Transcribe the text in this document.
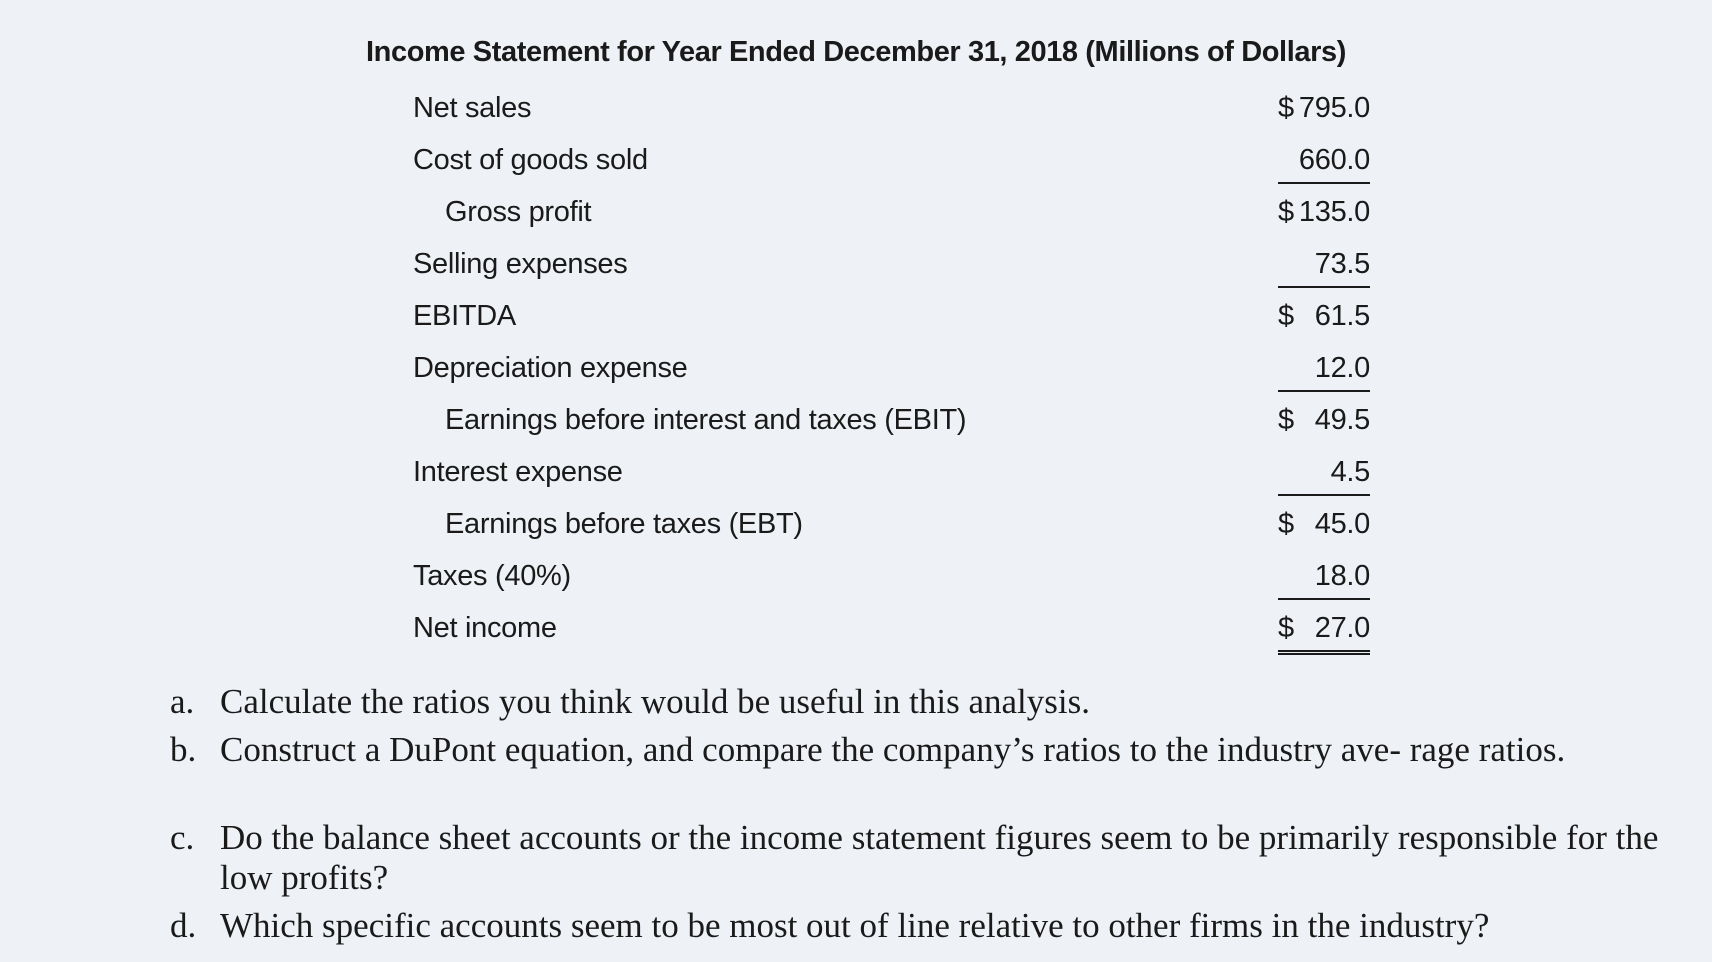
Income Statement for Year Ended December 31, 2018 (Millions of Dollars)
Net sales	$ 795.0
Cost of goods sold	660.0
Gross profit	$ 135.0
Selling expenses	73.5
EBITDA	$ 61.5
Depreciation expense	12.0
Earnings before interest and taxes (EBIT)	$ 49.5
Interest expense	4.5
Earnings before taxes (EBT)	$ 45.0
Taxes (40%)	18.0
Net income	$ 27.0
a. Calculate the ratios you think would be useful in this analysis.
b. Construct a DuPont equation, and compare the company’s ratios to the industry ave- rage ratios.
c. Do the balance sheet accounts or the income statement figures seem to be primarily responsible for the low profits?
d. Which specific accounts seem to be most out of line relative to other firms in the industry?
